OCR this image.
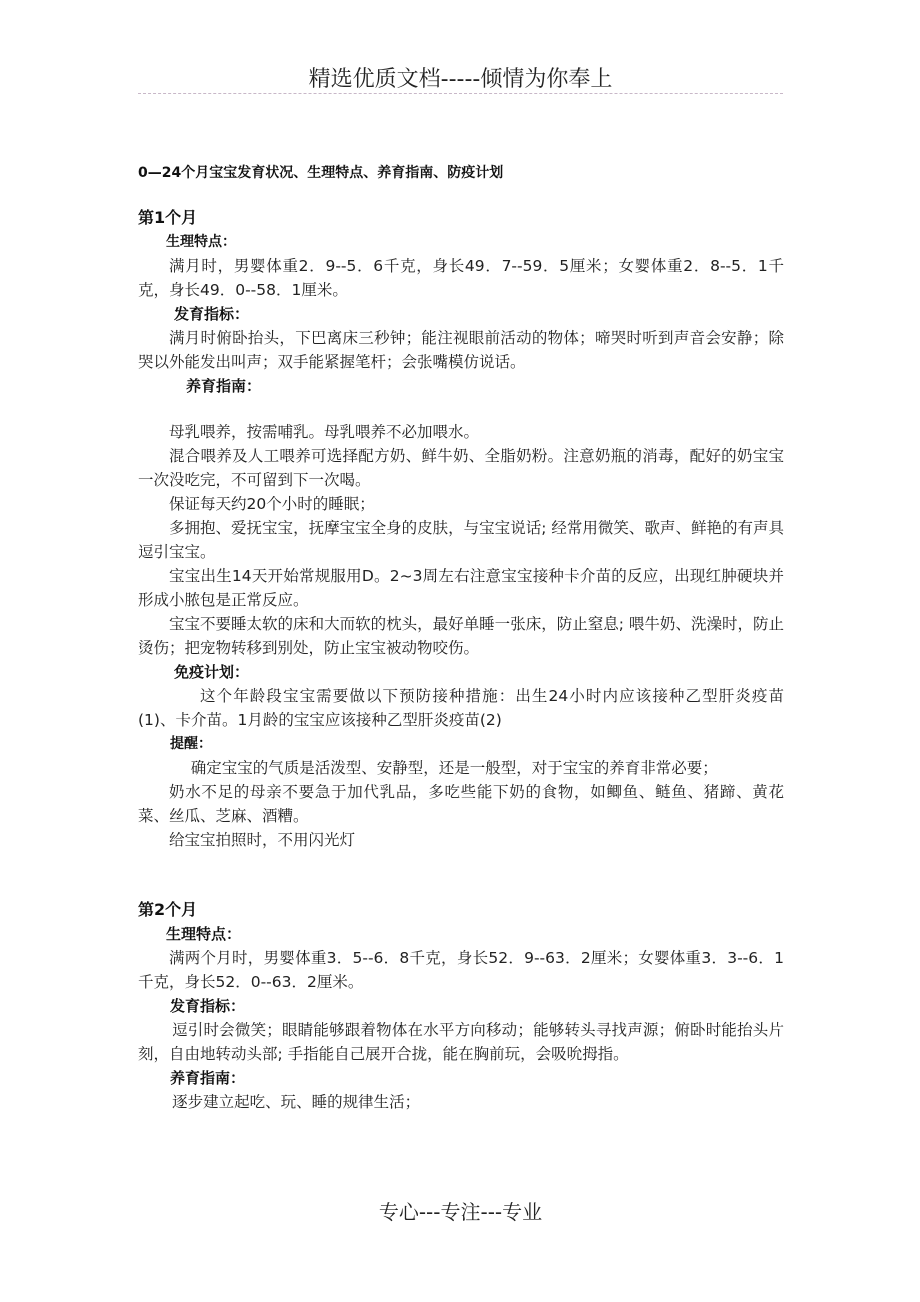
精选优质文档-----倾情为你奉上
0—24个月宝宝发育状况、生理特点、养育指南、防疫计划
第1个月
生理特点：

满月时，男婴体重2．9--5．6千克，身长49．7--59．5厘米；女婴体重2．8--5．1千克，身长49．0--58．1厘米。

发育指标：

满月时俯卧抬头，下巴离床三秒钟；能注视眼前活动的物体；啼哭时听到声音会安静；除哭以外能发出叫声；双手能紧握笔杆；会张嘴模仿说话。

养育指南：

母乳喂养，按需哺乳。母乳喂养不必加喂水。

混合喂养及人工喂养可选择配方奶、鲜牛奶、全脂奶粉。注意奶瓶的消毒，配好的奶宝宝一次没吃完，不可留到下一次喝。

保证每天约20个小时的睡眠；

多拥抱、爱抚宝宝，抚摩宝宝全身的皮肤，与宝宝说话; 经常用微笑、歌声、鲜艳的有声具逗引宝宝。

宝宝出生14天开始常规服用D。2~3周左右注意宝宝接种卡介苗的反应，出现红肿硬块并形成小脓包是正常反应。

宝宝不要睡太软的床和大而软的枕头，最好单睡一张床，防止窒息; 喂牛奶、洗澡时，防止烫伤；把宠物转移到别处，防止宝宝被动物咬伤。

免疫计划：

这个年龄段宝宝需要做以下预防接种措施：出生24小时内应该接种乙型肝炎疫苗(1)、卡介苗。1月龄的宝宝应该接种乙型肝炎疫苗(2)

提醒：

确定宝宝的气质是活泼型、安静型，还是一般型，对于宝宝的养育非常必要；

奶水不足的母亲不要急于加代乳品，多吃些能下奶的食物，如鲫鱼、鲢鱼、猪蹄、黄花菜、丝瓜、芝麻、酒糟。

给宝宝拍照时，不用闪光灯

第2个月
生理特点：

满两个月时，男婴体重3．5--6．8千克，身长52．9--63．2厘米；女婴体重3．3--6．1千克，身长52．0--63．2厘米。

发育指标：

逗引时会微笑；眼睛能够跟着物体在水平方向移动；能够转头寻找声源；俯卧时能抬头片刻，自由地转动头部; 手指能自己展开合拢，能在胸前玩，会吸吮拇指。

养育指南：

逐步建立起吃、玩、睡的规律生活；

专心---专注---专业
